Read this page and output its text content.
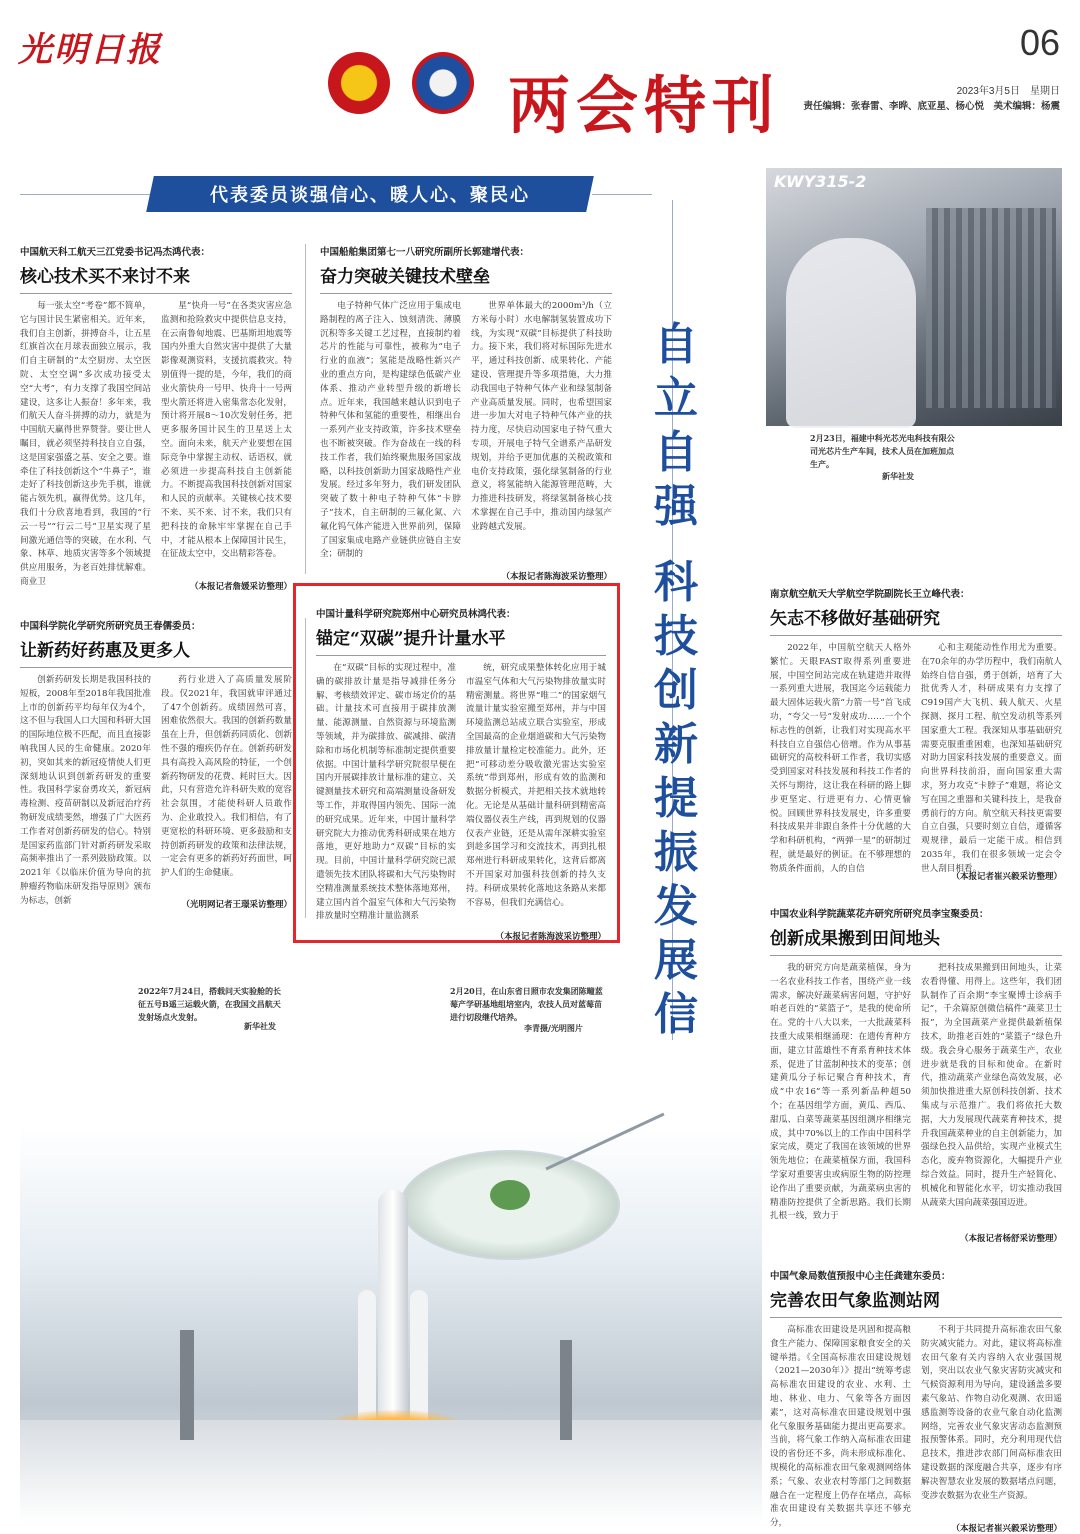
光明日报	06
两会特刊	2023年3月5日　星期日
责任编辑：张春雷、李晔、底亚星、杨心悦　美术编辑：杨震
代表委员谈强信心、暖人心、聚民心
自
立
自
强
科
技
创
新
提
振
发
展
信
中国航天科工航天三江党委书记冯杰鸿代表：
核心技术买不来讨不来
每一张太空“考卷”都不简单，它与国计民生紧密相关。近年来，我们自主创新，拼搏奋斗，让五星红旗首次在月球表面独立展示，我们自主研制的“太空厨房、太空医院、太空空调”多次成功接受太空“大考”，有力支撑了我国空间站建设，这多让人振奋！多年来，我们航天人奋斗拼搏的动力，就是为中国航天赢得世界赞誉。要让世人瞩目，就必须坚持科技自立自强，这是国家强盛之基、安全之要。谁牵住了科技创新这个“牛鼻子”，谁走好了科技创新这步先手棋，谁就能占领先机，赢得优势。这几年，我们十分欣喜地看到，我国的“行云一号”“行云二号”卫星实现了星间激光通信等的突破，在水利、气象、林草、地质灾害等多个领域提供应用服务，为老百姓排忧解难。商业卫
星“快舟一号”在各类灾害应急监测和抢险救灾中提供信息支持，在云南鲁甸地震、巴基斯坦地震等国内外重大自然灾害中提供了大量影像观测资料，支援抗震救灾。特别值得一提的是，今年，我们的商业火箭快舟一号甲、快舟十一号两型火箭还将进入密集常态化发射，预计将开展8～10次发射任务，把更多服务国计民生的卫星送上太空。面向未来，航天产业要想在国际竞争中掌握主动权、话语权，就必须进一步提高科技自主创新能力。不断提高我国科技创新对国家和人民的贡献率。关键核心技术要不来、买不来、讨不来，我们只有把科技的命脉牢牢掌握在自己手中，才能从根本上保障国计民生，在征战太空中，交出精彩答卷。
（本报记者詹媛采访整理）
中国船舶集团第七一八研究所副所长郭建增代表：
奋力突破关键技术壁垒
电子特种气体广泛应用于集成电路制程的离子注入、蚀刻清洗、薄膜沉积等多关键工艺过程，直接制约着芯片的性能与可靠性，被称为“电子行业的血液”；氢能是战略性新兴产业的重点方向，是构建绿色低碳产业体系、推动产业转型升级的新增长点。近年来，我国越来越认识到电子特种气体和氢能的重要性，相继出台一系列产业支持政策，许多技术壁垒也不断被突破。作为奋战在一线的科技工作者，我们始终聚焦服务国家战略，以科技创新助力国家战略性产业发展。经过多年努力，我们研发团队突破了数十种电子特种气体“卡脖子”技术，自主研制的三氟化氮、六氟化钨气体产能进入世界前列，保障了国家集成电路产业链供应链自主安全；研制的
世界单体最大的2000m³/h（立方米每小时）水电解制氢装置成功下线，为实现“双碳”目标提供了科技助力。接下来，我们将对标国际先进水平，通过科技创新、成果转化、产能建设、管理提升等多项措施，大力推动我国电子特种气体产业和绿氢制备产业高质量发展。同时，也希望国家进一步加大对电子特种气体产业的扶持力度，尽快启动国家电子特气重大专项，开展电子特气全谱系产品研发规划，并给予更加优惠的关税政策和电价支持政策，强化绿氢制备的行业意义，将氢能纳入能源管理范畴，大力推进科技研发，将绿氢制备核心技术掌握在自己手中，推动国内绿氢产业跨越式发展。
（本报记者陈海波采访整理）
中国科学院化学研究所研究员王春儒委员：
让新药好药惠及更多人
创新药研发长期是我国科技的短板，2008年至2018年我国批准上市的创新药平均每年仅为4个，这不但与我国人口大国和科研大国的国际地位极不匹配，而且直接影响我国人民的生命健康。2020年初，突如其来的新冠疫情使人们更深刻地认识到创新药研发的重要性。我国科学家奋勇攻关，新冠病毒检测、疫苗研制以及新冠治疗药物研发成绩斐然，增强了广大医药工作者对创新药研发的信心。特别是国家药监部门针对新药研发采取高频率推出了一系列鼓励政策。以2021年《以临床价值为导向的抗肿瘤药物临床研发指导原则》颁布为标志，创新
药行业进入了高质量发展阶段。仅2021年，我国就审评通过了47个创新药。成绩固然可喜，困难依然很大。我国的创新药数量虽在上升，但创新药同质化、创新性不强的瘤疾仍存在。创新药研发具有高投入高风险的特征，一个创新药物研发的花费、耗时巨大。因此，只有营造允许科研失败的宽容社会氛围，才能使科研人员敢作为、企业敢投入。我们相信，有了更宽松的科研环境、更多鼓励和支持创新药研发的政策和法律法规，一定会有更多的新药好药面世，呵护人们的生命健康。
（光明网记者王璟采访整理）
中国计量科学研究院郑州中心研究员林鸿代表：
锚定“双碳”提升计量水平
在“双碳”目标的实现过程中，准确的碳排放计量是指导减排任务分解、考核绩效评定、碳市场定价的基础。计量技术可直接用于碳排放测量、能源测量、自然资源与环境监测等领域，并为碳排放、碳减排、碳清除和市场化机制等标准制定提供重要依据。中国计量科学研究院很早便在国内开展碳排放计量标准的建立、关键测量技术研究和高端测量设备研发等工作，并取得国内领先、国际一流的研究成果。近年来，中国计量科学研究院大力推动优秀科研成果在地方落地，更好地助力“双碳”目标的实现。目前，中国计量科学研究院已派遣领先技术团队将碳和大气污染物时空精准测量系统技术整体落地郑州，建立国内首个温室气体和大气污染物排放量时空精准计量监测系
统，研究成果整体转化应用于城市温室气体和大气污染物排放量实时精密测量。将世界“唯二”的国家烟气流量计量实验室搬至郑州，并与中国环境监测总站成立联合实验室，形成全国最高的企业烟道碳和大气污染物排放量计量检定校准能力。此外，还把“可移动差分吸收激光雷达实验室系统”带到郑州，形成有效的监测和数据分析模式，并把相关技术就地转化。无论是从基础计量科研到精密高端仪器仪表生产线，再到规划的仪器仪表产业链，还是从需年深耕实验室到趁多国学习和交流技术，再到扎根郑州进行科研成果转化，这背后都离不开国家对加强科技创新的持久支持。科研成果转化落地这条路从来都不容易，但我们充满信心。
（本报记者陈海波采访整理）
KWY315-2
2月23日，福建中科光芯光电科技有限公司光芯片生产车间，技术人员在加班加点生产。
新华社发
南京航空航天大学航空学院副院长王立峰代表：
矢志不移做好基础研究
2022年，中国航空航天人格外繁忙。天眼FAST取得系列重要进展，中国空间站完成在轨建造并取得一系列重大进展，我国迄今运载能力最大固体运载火箭“力箭一号”首飞成功，“夸父一号”发射成功……一个个标志性的创新，让我们对实现高水平科技自立自强信心倍增。作为从事基础研究的高校科研工作者，我切实感受到国家对科技发展和科技工作者的关怀与期待，这让我在科研的路上脚步更坚定、行进更有力、心情更愉悦。回顾世界科技发展史，许多重要科技成果并非跟自条件十分优越的大学和科研机构，“两弹一星”的研制过程，就是最好的例证。在不够理想的物质条件面前，人的自信
心和主观能动性作用尤为重要。在70余年的办学历程中，我们南航人始终自信自强，勇于创新，培育了大批优秀人才，科研成果有力支撑了C919国产大飞机、载人航天、火星探测、探月工程、航空发动机等系列国家重大工程。我深知从事基础研究需要克服重重困难，也深知基础研究对助力国家科技发展的重要意义。面向世界科技前沿，面向国家重大需求，努力攻克“卡脖子”难题，将论文写在国之重器和关键科技上，是我奋勇前行的方向。航空航天科技更需要自立自强，只要时刻立自信，遵循客观规律，最后一定能干成。相信到2035年，我们在很多领域一定会令世人刮目相看。
（本报记者崔兴毅采访整理）
中国农业科学院蔬菜花卉研究所研究员李宝聚委员：
创新成果搬到田间地头
我的研究方向是蔬菜植保，身为一名农业科技工作者，围绕产业一线需求，解决好蔬菜病害问题，守护好咱老百姓的“菜篮子”，是我的使命所在。党的十八大以来，一大批蔬菜科技重大成果相继涌现：在遗传育种方面，建立甘蓝雄性不育系育种技术体系，促进了甘蓝制种技术的变革；创建黄瓜分子标记聚合育种技术，育成“中农16”等一系列新品种超50个；在基因组学方面，黄瓜、西瓜、甜瓜、白菜等蔬菜基因组测序相继完成，其中70%以上的工作由中国科学家完成，奠定了我国在该领域的世界领先地位；在蔬菜植保方面，我国科学家对重要害虫或病原生物的防控理论作出了重要贡献，为蔬菜病虫害的精准防控提供了全新思路。我们长期扎根一线，致力于
把科技成果搬到田间地头，让菜农看得懂、用得上。这些年，我们团队制作了百余期“李宝聚博士诊病手记”，千余篇原创微信稿件“蔬菜卫士报”，为全国蔬菜产业提供最新植保技术，助推老百姓的“菜篮子”绿色升级。我会身心服务于蔬菜生产，农业进步就是我的目标和使命。在新时代，推动蔬菜产业绿色高效发展，必须加快推进重大原创科技创新、技术集成与示范推广。我们将依托大数据，大力发展现代蔬菜育种技术，提升我国蔬菜种业的自主创新能力，加强绿色投入品供给，实现产业模式生态化，废弃物资源化，大幅提升产业综合效益。同时，提升生产轻简化、机械化和智能化水平，切实推动我国从蔬菜大国向蔬菜强国迈进。
（本报记者杨舒采访整理）
中国气象局数值预报中心主任龚建东委员：
完善农田气象监测站网
高标准农田建设是巩固和提高粮食生产能力、保障国家粮食安全的关键举措。《全国高标准农田建设规划（2021—2030年）》提出“统筹考虑高标准农田建设的农业、水利、土地、林业、电力、气象等各方面因素”，这对高标准农田建设规划中强化气象服务基础能力提出更高要求。当前，将气象工作纳入高标准农田建设的省份还不多，尚未形成标准化、规模化的高标准农田气象观测网络体系；气象、农业农村等部门之间数据融合在一定程度上仍存在堵点，高标准农田建设有关数据共享还不够充分，
不利于共同提升高标准农田气象防灾减灾能力。对此，建议将高标准农田气象有关内容纳入农业强国规划，突出以农业气象灾害防灾减灾和气候资源利用为导向，建设涵盖多要素气象站、作物自动化观测、农田遥感监测等设备的农业气象自动化监测网络，完善农业气象灾害动态监测预报预警体系。同时，充分利用现代信息技术，推进涉农部门间高标准农田建设数据的深度融合共享，逐步有序解决智慧农业发展的数据堵点问题，变涉农数据为农业生产资源。
（本报记者崔兴毅采访整理）
2022年7月24日，搭载问天实验舱的长征五号B遥三运载火箭，在我国文昌航天发射场点火发射。
新华社发
2月20日，在山东省日照市农发集团陈疃蓝莓产学研基地组培室内，农技人员对蓝莓苗进行切段继代培养。
李青摄/光明图片
